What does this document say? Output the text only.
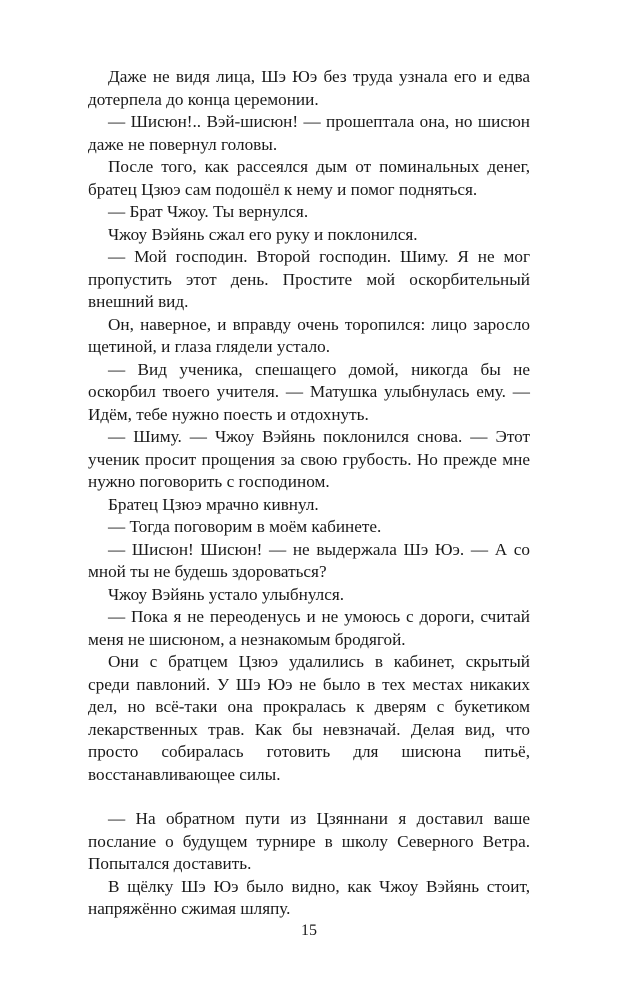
Даже не видя лица, Шэ Юэ без труда узнала его и едва дотерпела до конца церемонии.

— Шисюн!.. Вэй-шисюн! — прошептала она, но шисюн даже не повернул головы.

После того, как рассеялся дым от поминальных денег, братец Цзюэ сам подошёл к нему и помог подняться.

— Брат Чжоу. Ты вернулся.

Чжоу Вэйянь сжал его руку и поклонился.

— Мой господин. Второй господин. Шиму. Я не мог пропустить этот день. Простите мой оскорбительный внешний вид.

Он, наверное, и вправду очень торопился: лицо заросло щетиной, и глаза глядели устало.

— Вид ученика, спешащего домой, никогда бы не оскорбил твоего учителя. — Матушка улыбнулась ему. — Идём, тебе нужно поесть и отдохнуть.

— Шиму. — Чжоу Вэйянь поклонился снова. — Этот ученик просит прощения за свою грубость. Но прежде мне нужно поговорить с господином.

Братец Цзюэ мрачно кивнул.

— Тогда поговорим в моём кабинете.

— Шисюн! Шисюн! — не выдержала Шэ Юэ. — А со мной ты не будешь здороваться?

Чжоу Вэйянь устало улыбнулся.

— Пока я не переоденусь и не умоюсь с дороги, считай меня не шисюном, а незнакомым бродягой.

Они с братцем Цзюэ удалились в кабинет, скрытый среди павлоний. У Шэ Юэ не было в тех местах никаких дел, но всё-таки она прокралась к дверям с букетиком лекарственных трав. Как бы невзначай. Делая вид, что просто собиралась готовить для шисюна питьё, восстанавливающее силы.

— На обратном пути из Цзяннани я доставил ваше послание о будущем турнире в школу Северного Ветра. Попытался доставить.

В щёлку Шэ Юэ было видно, как Чжоу Вэйянь стоит, напряжённо сжимая шляпу.

15
